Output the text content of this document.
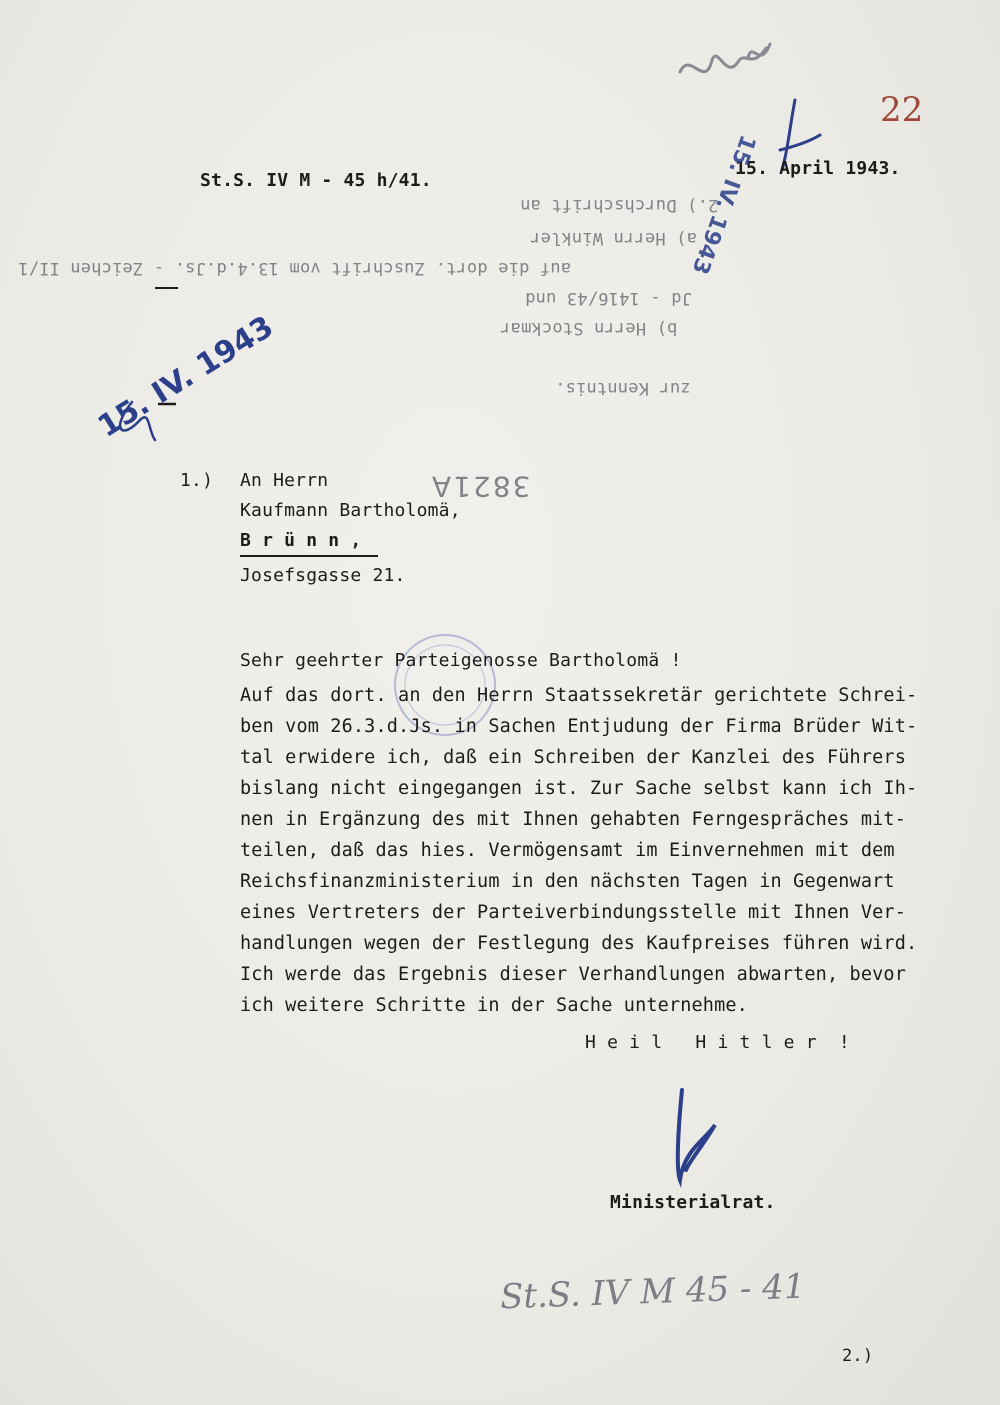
St.S. IV M - 45 h/41.
15. April 1943.
22
2.) Durchschrift an
a) Herrn Winkler
auf die dort. Zuschrift vom 13.4.d.Js. - Zeichen II/1
Jd - 1416/43 und
b) Herrn Stockmar
zur Kenntnis.
3821A
15. IV. 1943
15. IV. 1943
1.) An Herrn
Kaufmann Bartholomä,
B r ü n n ,
Josefsgasse 21.
Sehr geehrter Parteigenosse Bartholomä !
Auf das dort. an den Herrn Staatssekretär gerichtete Schrei-
ben vom 26.3.d.Js. in Sachen Entjudung der Firma Brüder Wit-
tal erwidere ich, daß ein Schreiben der Kanzlei des Führers
bislang nicht eingegangen ist. Zur Sache selbst kann ich Ih-
nen in Ergänzung des mit Ihnen gehabten Ferngespräches mit-
teilen, daß das hies. Vermögensamt im Einvernehmen mit dem
Reichsfinanzministerium in den nächsten Tagen in Gegenwart
eines Vertreters der Parteiverbindungsstelle mit Ihnen Ver-
handlungen wegen der Festlegung des Kaufpreises führen wird.
Ich werde das Ergebnis dieser Verhandlungen abwarten, bevor
ich weitere Schritte in der Sache unternehme.
H e i l   H i t l e r  !
Ministerialrat.
St.S. IV M 45 - 41
2.)
